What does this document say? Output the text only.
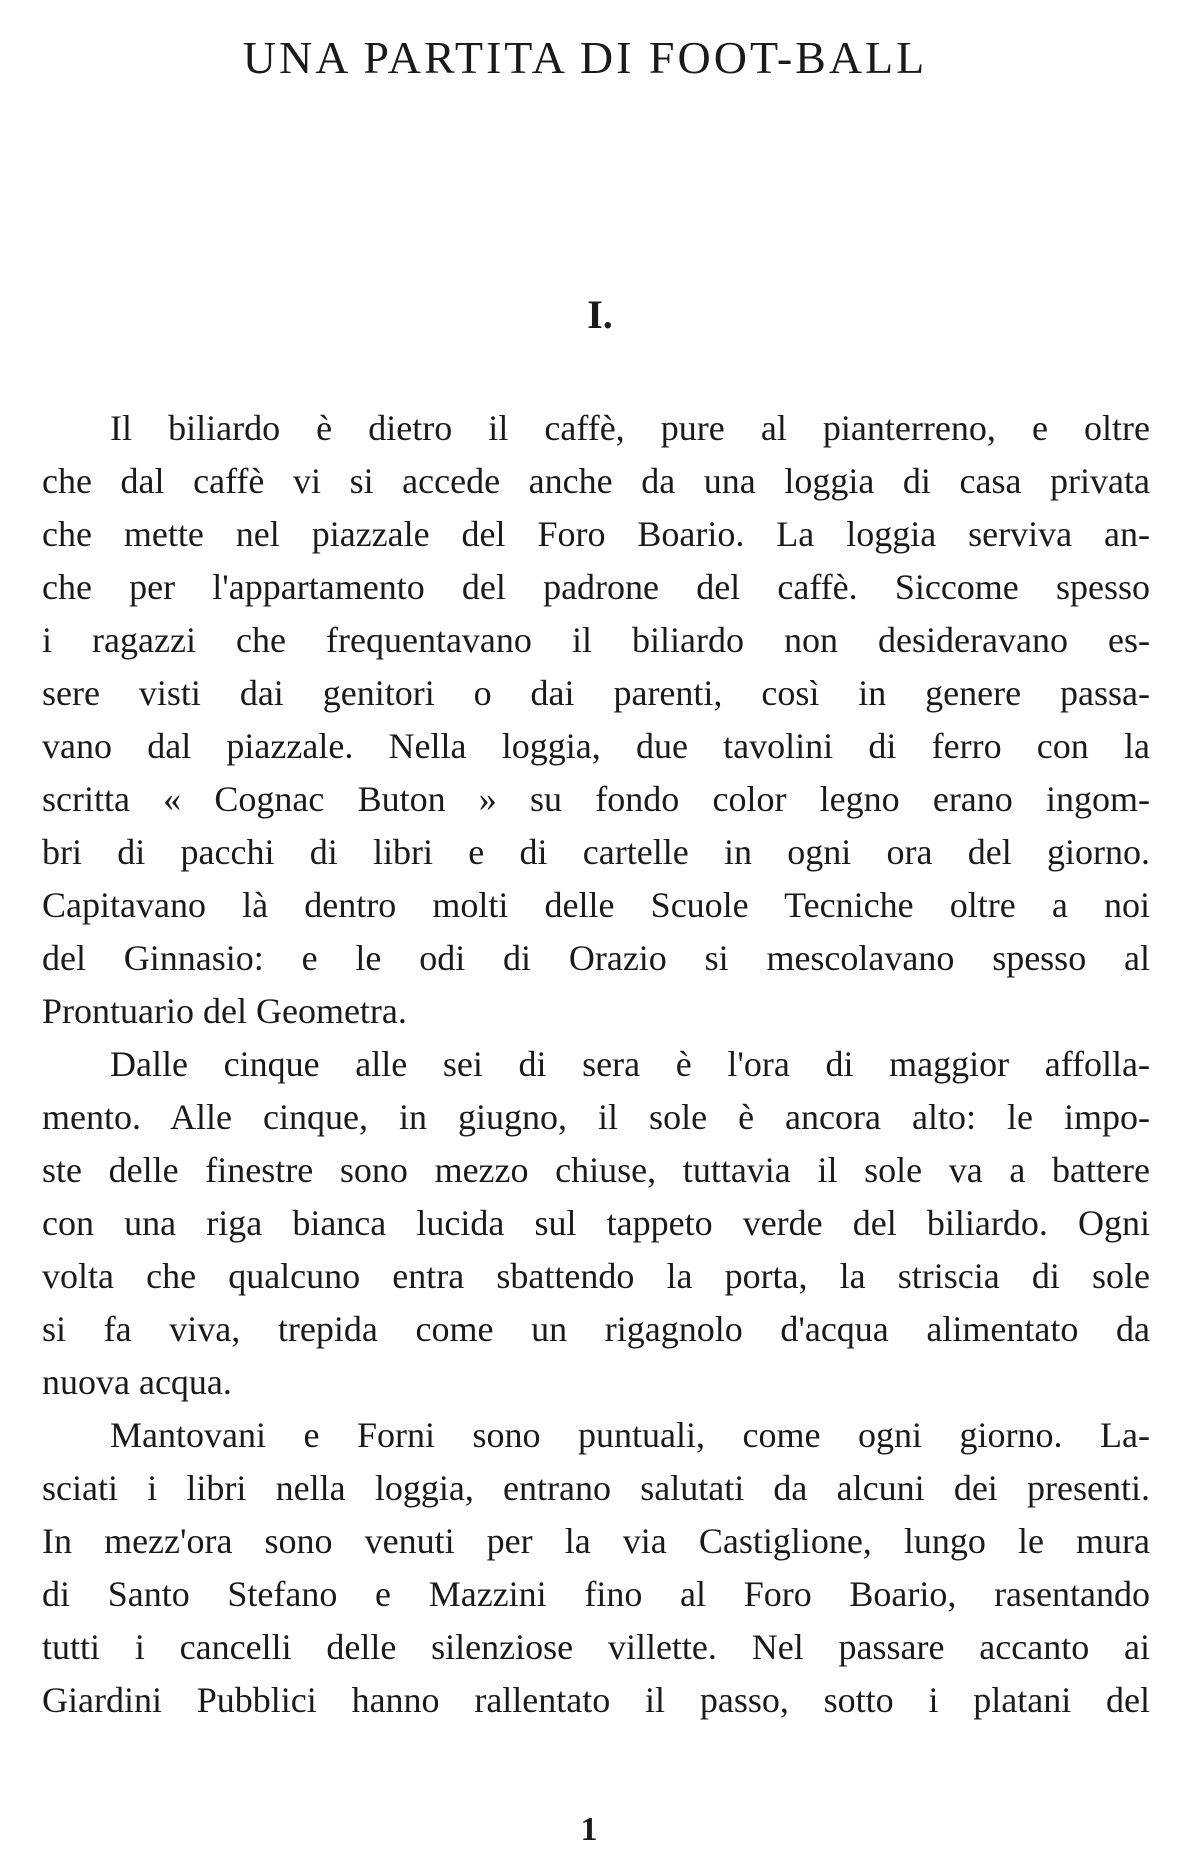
UNA PARTITA DI FOOT-BALL
I.
Il biliardo è dietro il caffè, pure al pianterreno, e oltre
che dal caffè vi si accede anche da una loggia di casa privata
che mette nel piazzale del Foro Boario. La loggia serviva an-
che per l'appartamento del padrone del caffè. Siccome spesso
i ragazzi che frequentavano il biliardo non desideravano es-
sere visti dai genitori o dai parenti, così in genere passa-
vano dal piazzale. Nella loggia, due tavolini di ferro con la
scritta « Cognac Buton » su fondo color legno erano ingom-
bri di pacchi di libri e di cartelle in ogni ora del giorno.
Capitavano là dentro molti delle Scuole Tecniche oltre a noi
del Ginnasio: e le odi di Orazio si mescolavano spesso al
Prontuario del Geometra.
Dalle cinque alle sei di sera è l'ora di maggior affolla-
mento. Alle cinque, in giugno, il sole è ancora alto: le impo-
ste delle finestre sono mezzo chiuse, tuttavia il sole va a battere
con una riga bianca lucida sul tappeto verde del biliardo. Ogni
volta che qualcuno entra sbattendo la porta, la striscia di sole
si fa viva, trepida come un rigagnolo d'acqua alimentato da
nuova acqua.
Mantovani e Forni sono puntuali, come ogni giorno. La-
sciati i libri nella loggia, entrano salutati da alcuni dei presenti.
In mezz'ora sono venuti per la via Castiglione, lungo le mura
di Santo Stefano e Mazzini fino al Foro Boario, rasentando
tutti i cancelli delle silenziose villette. Nel passare accanto ai
Giardini Pubblici hanno rallentato il passo, sotto i platani del
1
